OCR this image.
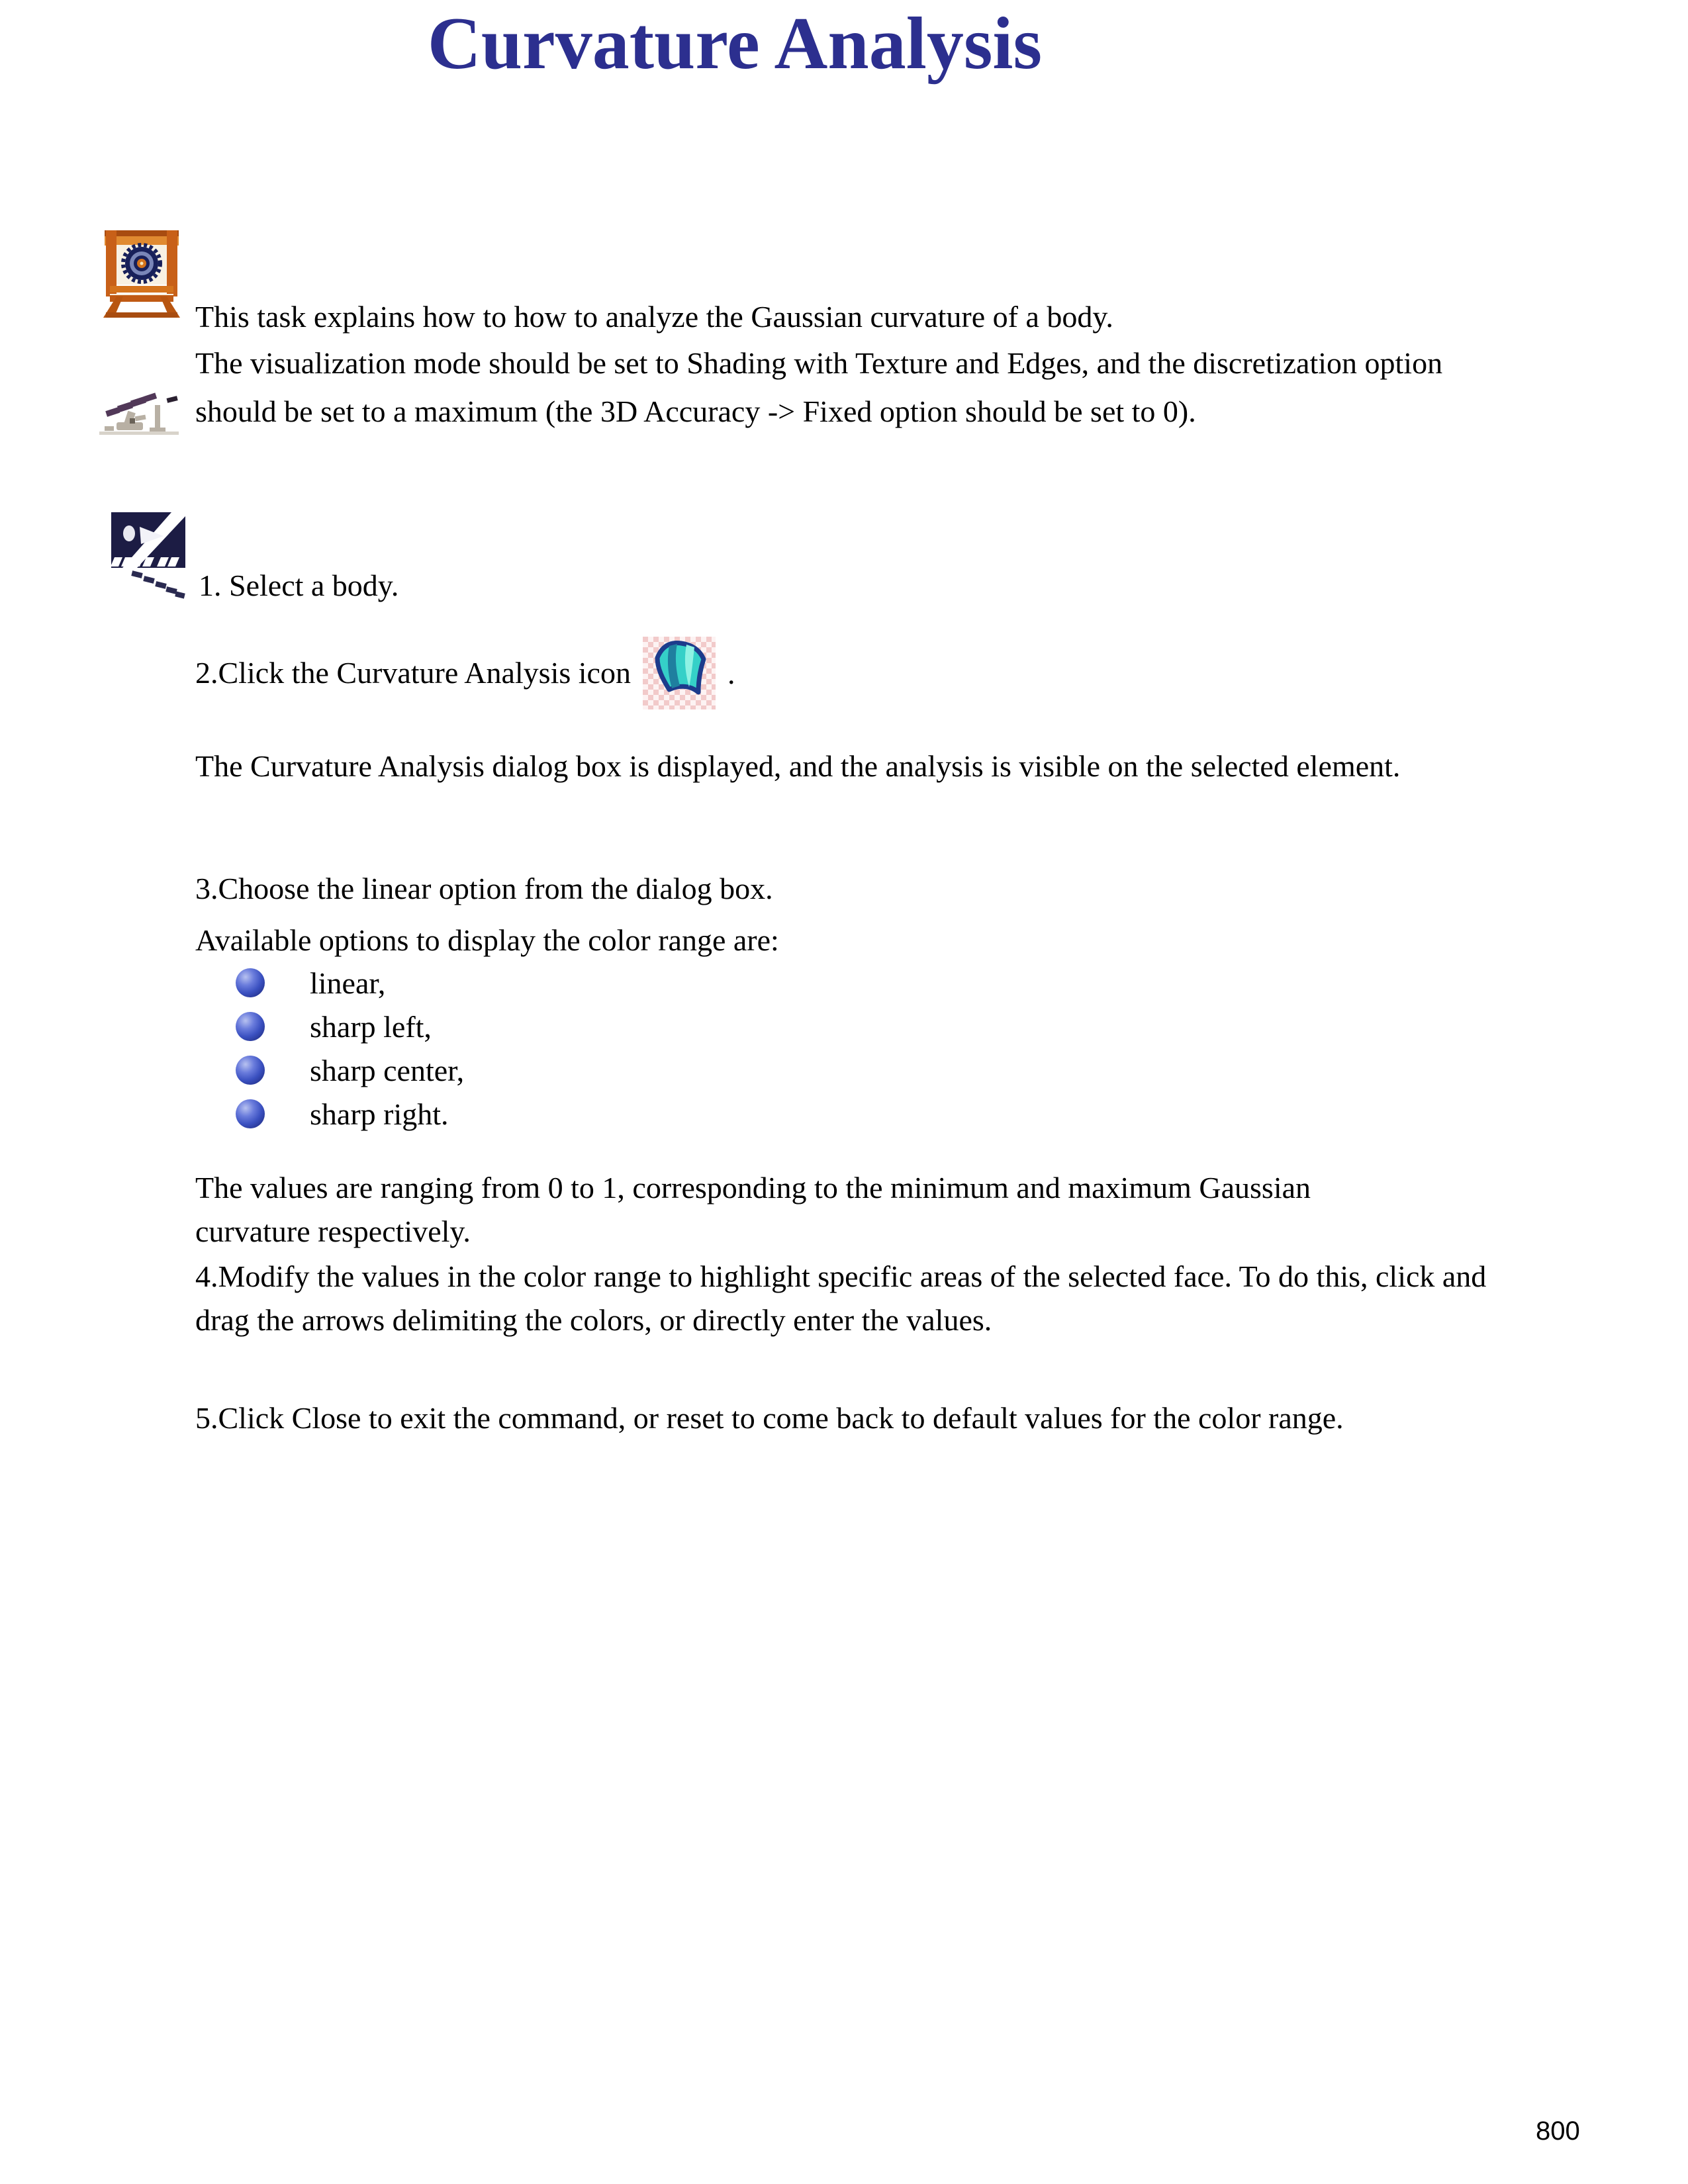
Curvature Analysis

This task explains how to how to analyze the Gaussian curvature of a body.

The visualization mode should be set to Shading with Texture and Edges, and the discretization option should be set to a maximum (the 3D Accuracy -> Fixed option should be set to 0).

1. Select a body.

2.Click the Curvature Analysis icon	.

The Curvature Analysis dialog box is displayed, and the analysis is visible on the selected element.

3.Choose the linear option from the dialog box.

Available options to display the color range are:

linear,
sharp left,
sharp center,
sharp right.

The values are ranging from 0 to 1, corresponding to the minimum and maximum Gaussian curvature respectively.

4.Modify the values in the color range to highlight specific areas of the selected face. To do this, click and drag the arrows delimiting the colors, or directly enter the values.

5.Click Close to exit the command, or reset to come back to default values for the color range.

800
